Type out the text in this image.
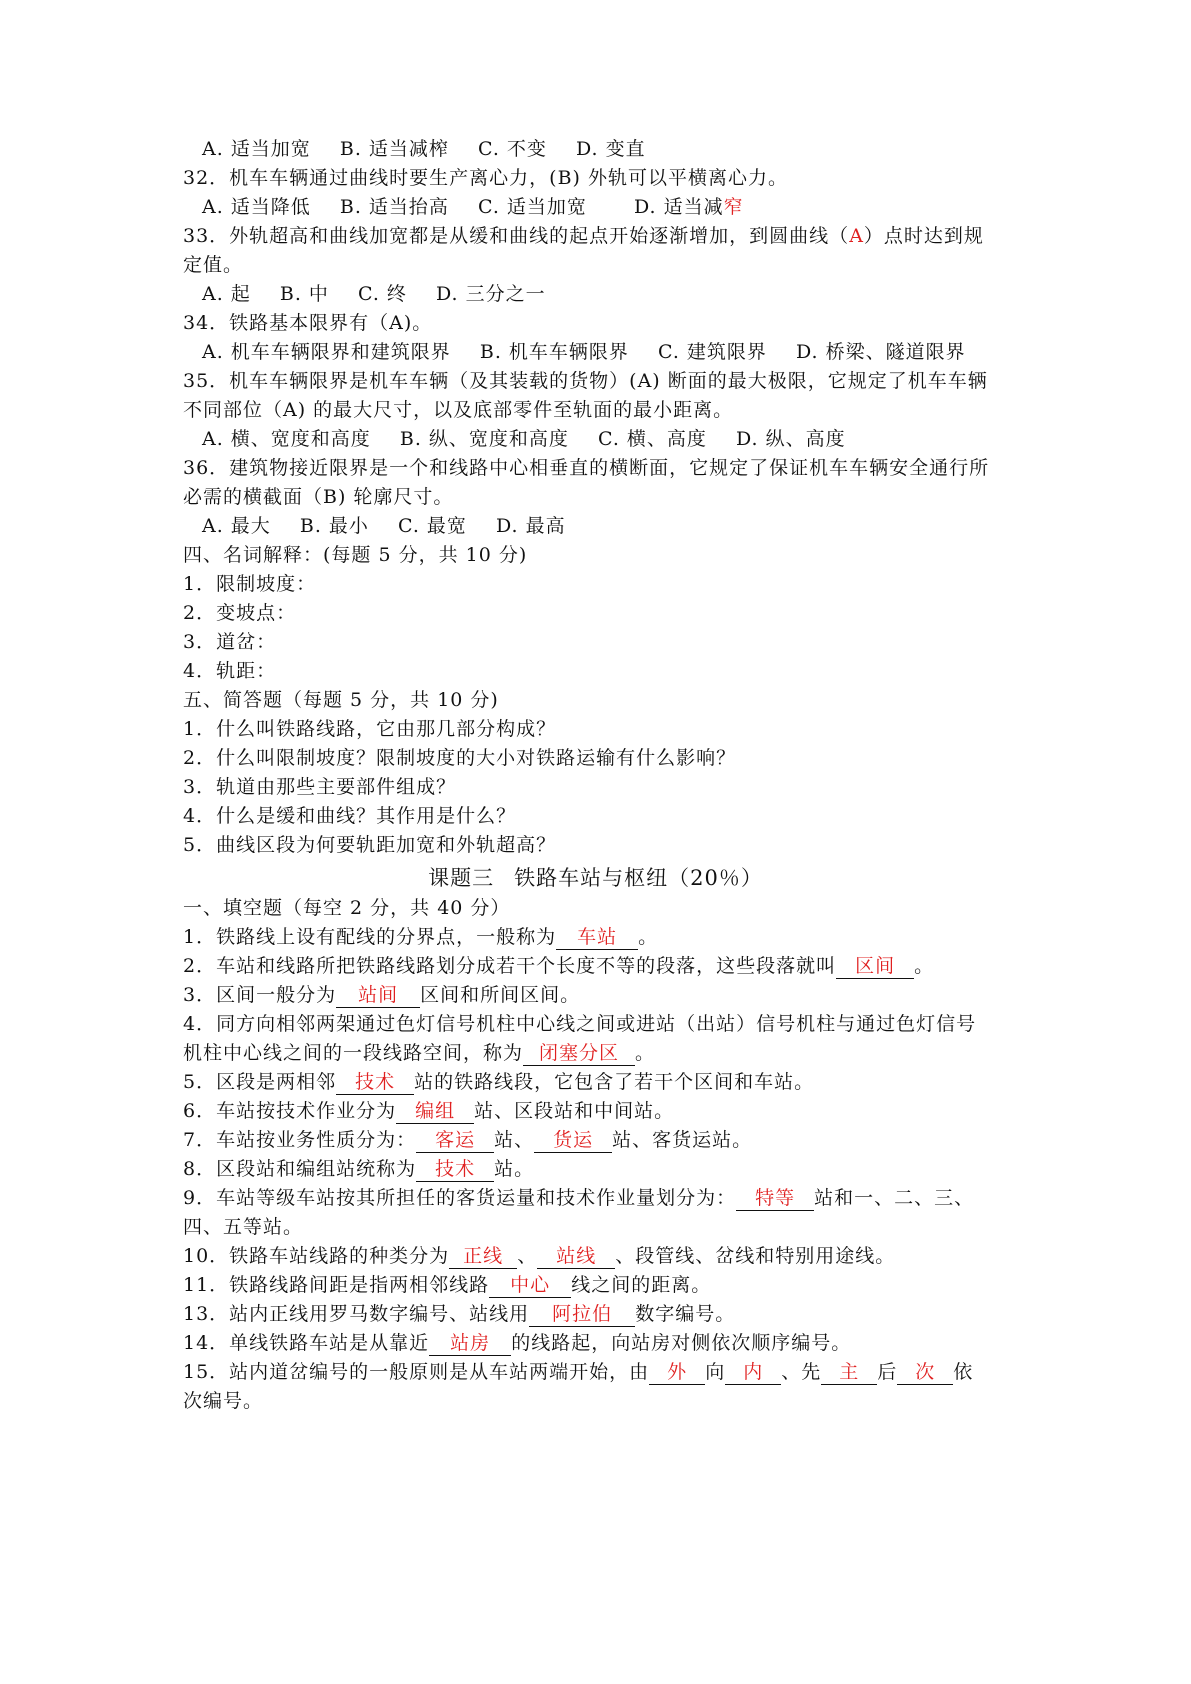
A. 适当加宽 B. 适当减榨 C. 不变 D. 变直
32．机车车辆通过曲线时要生产离心力，(B) 外轨可以平横离心力。
A. 适当降低 B. 适当抬高 C. 适当加宽 D. 适当减窄
33．外轨超高和曲线加宽都是从缓和曲线的起点开始逐渐增加，到圆曲线（A）点时达到规
定值。
A. 起 B. 中 C. 终 D. 三分之一
34．铁路基本限界有（A)。
A. 机车车辆限界和建筑限界 B. 机车车辆限界 C. 建筑限界 D. 桥梁、隧道限界
35．机车车辆限界是机车车辆（及其装载的货物）(A) 断面的最大极限，它规定了机车车辆
不同部位（A) 的最大尺寸，以及底部零件至轨面的最小距离。
A. 横、宽度和高度 B. 纵、宽度和高度 C. 横、高度 D. 纵、高度
36．建筑物接近限界是一个和线路中心相垂直的横断面，它规定了保证机车车辆安全通行所
必需的横截面（B) 轮廓尺寸。
A. 最大 B. 最小 C. 最宽 D. 最高
四、名词解释：(每题 5 分，共 10 分)
1．限制坡度：
2．变坡点：
3．道岔：
4．轨距：
五、简答题（每题 5 分，共 10 分)
1．什么叫铁路线路，它由那几部分构成？
2．什么叫限制坡度？限制坡度的大小对铁路运输有什么影响？
3．轨道由那些主要部件组成？
4．什么是缓和曲线？其作用是什么？
5．曲线区段为何要轨距加宽和外轨超高？
课题三 铁路车站与枢纽（20％）
一、填空题（每空 2 分，共 40 分）
1．铁路线上设有配线的分界点，一般称为 车站 。
2．车站和线路所把铁路线路划分成若干个长度不等的段落，这些段落就叫 区间 。
3．区间一般分为 站间 区间和所间区间。
4．同方向相邻两架通过色灯信号机柱中心线之间或进站（出站）信号机柱与通过色灯信号
机柱中心线之间的一段线路空间，称为 闭塞分区 。
5．区段是两相邻 技术 站的铁路线段，它包含了若干个区间和车站。
6．车站按技术作业分为 编组 站、区段站和中间站。
7．车站按业务性质分为： 客运 站、 货运 站、客货运站。
8．区段站和编组站统称为 技术 站。
9．车站等级车站按其所担任的客货运量和技术作业量划分为： 特等 站和一、二、三、
四、五等站。
10．铁路车站线路的种类分为 正线 、 站线 、段管线、岔线和特别用途线。
11．铁路线路间距是指两相邻线路 中心 线之间的距离。
13．站内正线用罗马数字编号、站线用 阿拉伯 数字编号。
14．单线铁路车站是从靠近 站房 的线路起，向站房对侧依次顺序编号。
15．站内道岔编号的一般原则是从车站两端开始，由 外 向 内 、先 主 后 次 依
次编号。
